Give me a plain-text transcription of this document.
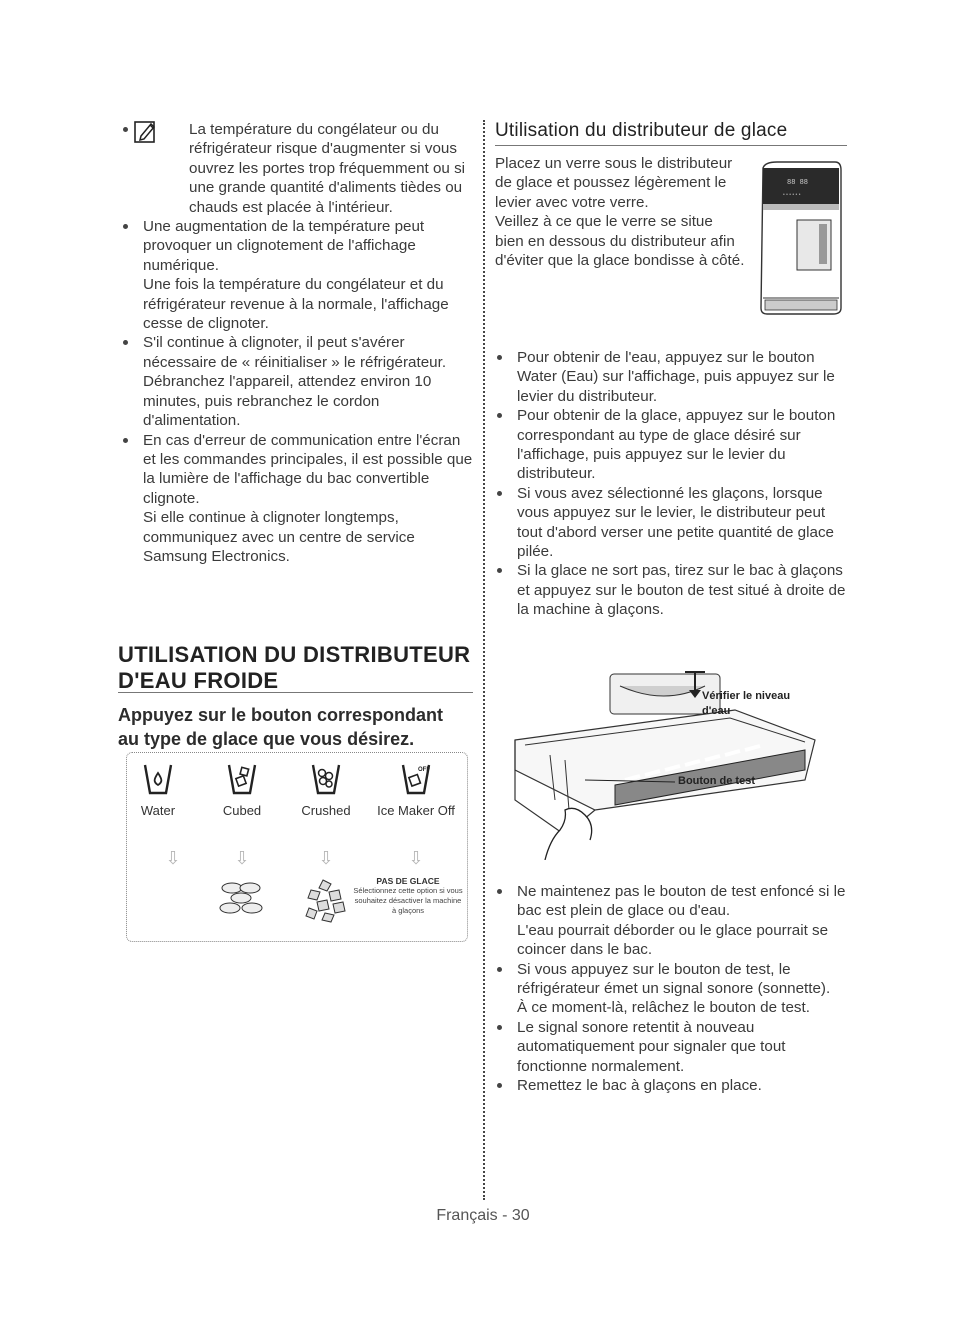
La température du congélateur ou du réfrigérateur risque d'augmenter si vous ouvrez les portes trop fréquemment ou si une grande quantité d'aliments tièdes ou chauds est placée à l'intérieur.
Une augmentation de la température peut provoquer un clignotement de l'affichage numérique.

Une fois la température du congélateur et du réfrigérateur revenue à la normale, l'affichage cesse de clignoter.

S'il continue à clignoter, il peut s'avérer nécessaire de « réinitialiser » le réfrigérateur.

Débranchez l'appareil, attendez environ 10 minutes, puis rebranchez le cordon d'alimentation.

En cas d'erreur de communication entre l'écran et les commandes principales, il est possible que la lumière de l'affichage du bac convertible clignote.

Si elle continue à clignoter longtemps, communiquez avec un centre de service Samsung Electronics.

UTILISATION DU DISTRIBUTEUR

D'EAU FROIDE

Appuyez sur le bouton correspondant au type de glace que vous désirez.

Water	Cubed	Crushed
OFF
Ice Maker Off
⇩	⇩	⇩	⇩
PAS DE GLACE
Sélectionnez cette option si vous souhaitez désactiver la machine à glaçons

Utilisation du distributeur de glace

Placez un verre sous le distributeur de glace et poussez légèrement le levier avec votre verre.

Veillez à ce que le verre se situe bien en dessous du distributeur afin d'éviter que la glace bondisse à côté.

88 88
• • • • • •
Pour obtenir de l'eau, appuyez sur le bouton Water (Eau) sur l'affichage, puis appuyez sur le levier du distributeur.
Pour obtenir de la glace, appuyez sur le bouton correspondant au type de glace désiré sur l'affichage, puis appuyez sur le levier du distributeur.
Si vous avez sélectionné les glaçons, lorsque vous appuyez sur le levier, le distributeur peut tout d'abord verser une petite quantité de glace pilée.
Si la glace ne sort pas, tirez sur le bac à glaçons et appuyez sur le bouton de test situé à droite de la machine à glaçons.
Vérifier le niveau d'eau
Bouton de test
Ne maintenez pas le bouton de test enfoncé si le bac est plein de glace ou d'eau.

L'eau pourrait déborder ou le glace pourrait se coincer dans le bac.

Si vous appuyez sur le bouton de test, le réfrigérateur émet un signal sonore (sonnette).

À ce moment-là, relâchez le bouton de test.

Le signal sonore retentit à nouveau automatiquement pour signaler que tout fonctionne normalement.
Remettez le bac à glaçons en place.
Français - 30
